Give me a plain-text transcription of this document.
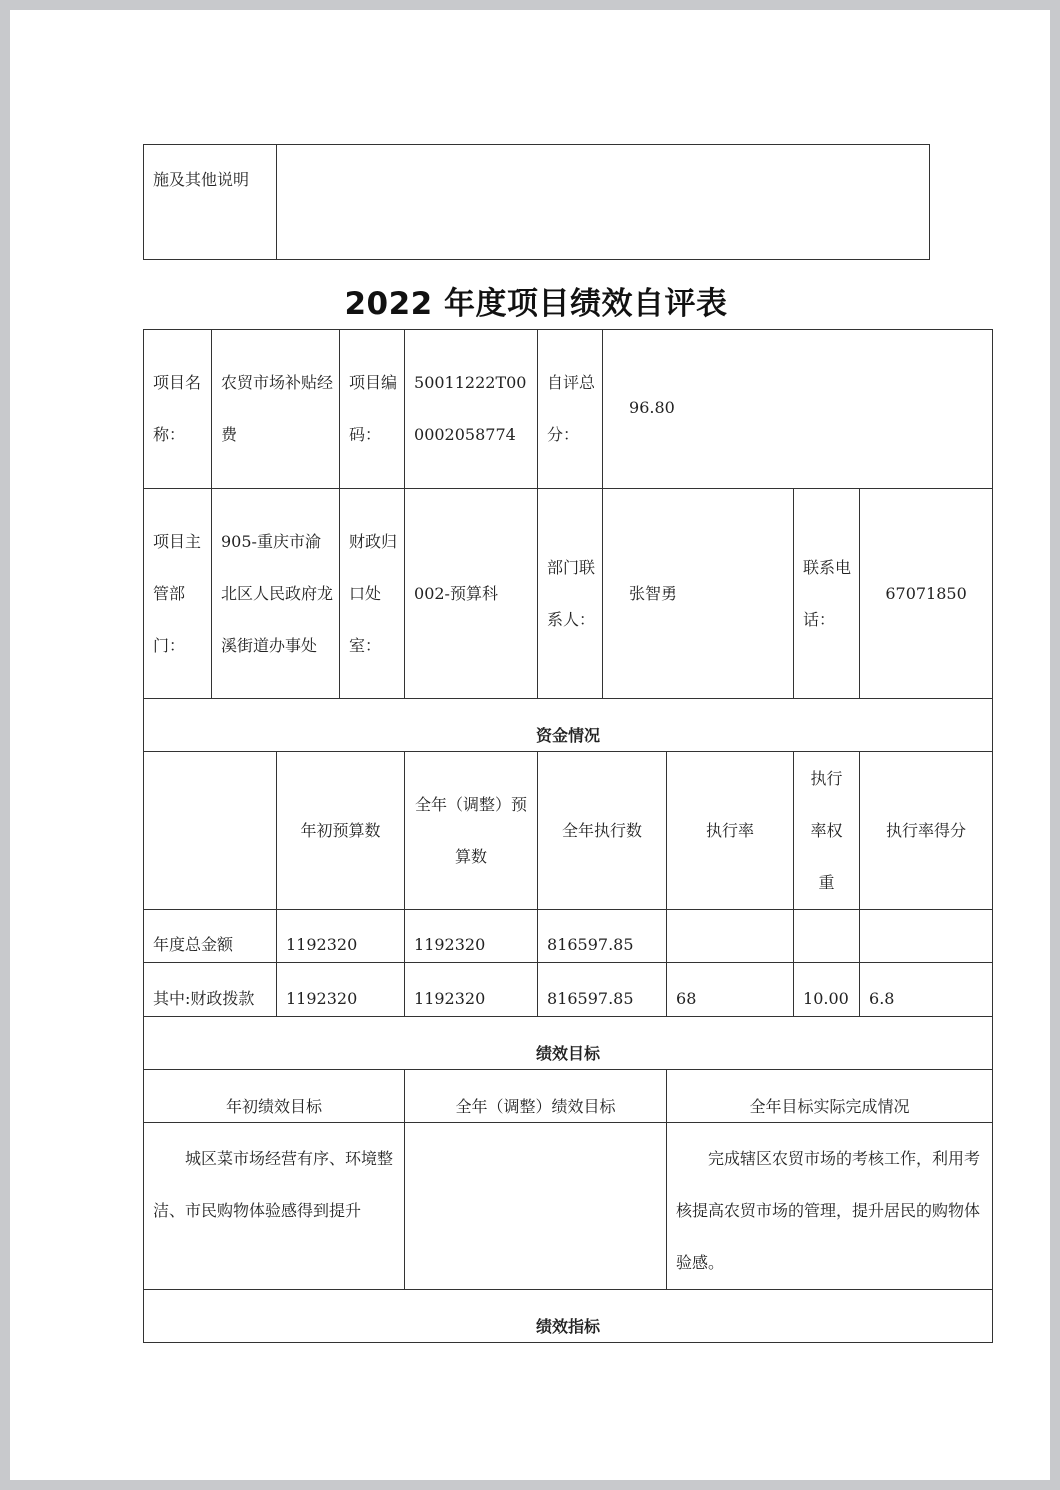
施及其他说明	
2022 年度项目绩效自评表
项目名称：	农贸市场补贴经费		项目编码：	50011222T000002058774	自评总分：	96.80			
项目主管部门：	905-重庆市渝北区人民政府龙溪街道办事处		财政归口处室：	002-预算科	部门联系人：	张智勇		联系电话：	67071850
资金情况									
		年初预算数		全年（调整）预算数	全年执行数		执行率	执行率权重	执行率得分
年度总金额		1192320		1192320	816597.85				
其中:财政拨款		1192320		1192320	816597.85		68	10.00	6.8
绩效目标									
年初绩效目标				全年（调整）绩效目标			全年目标实际完成情况		
城区菜市场经营有序、环境整洁、市民购物体验感得到提升							完成辖区农贸市场的考核工作，利用考核提高农贸市场的管理，提升居民的购物体验感。		
绩效指标									
